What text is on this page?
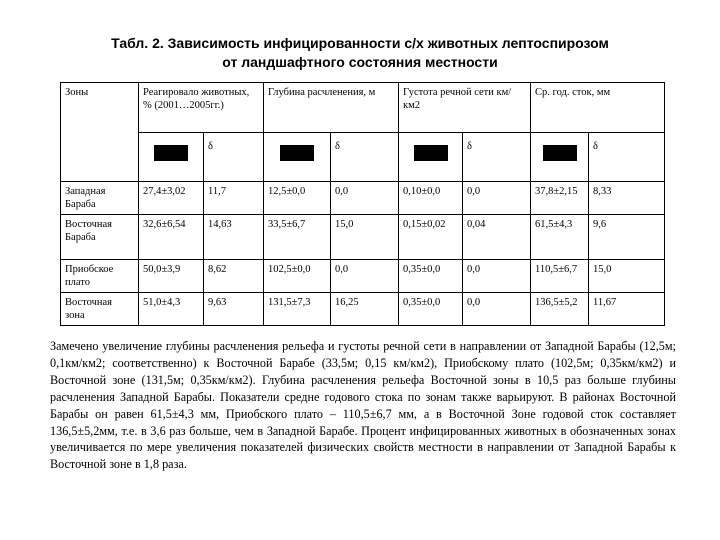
Табл. 2. Зависимость инфицированности с/х животных лептоспирозом
от ландшафтного состояния местности
Зоны	Реагировало животных, % (2001…2005гг.)		Глубина расчленения, м		Густота речной сети км/км2		Ср. год. сток, мм	

		δ		δ		δ		δ
Западная Бараба	27,4±3,02	11,7	12,5±0,0	0,0	0,10±0,0	0,0	37,8±2,15	8,33
Восточная Бараба	32,6±6,54	14,63	33,5±6,7	15,0	0,15±0,02	0,04	61,5±4,3	9,6
Приобское плато	50,0±3,9	8,62	102,5±0,0	0,0	0,35±0,0	0,0	110,5±6,7	15,0
Восточная зона	51,0±4,3	9,63	131,5±7,3	16,25	0,35±0,0	0,0	136,5±5,2	11,67
Замечено увеличение глубины расчленения рельефа и густоты речной сети в направлении от Западной Барабы (12,5м; 0,1км/км2; соответственно) к Восточной Барабе (33,5м; 0,15 км/км2), Приобскому плато (102,5м; 0,35км/км2) и Восточной зоне (131,5м; 0,35км/км2). Глубина расчленения рельефа Восточной зоны в 10,5 раз больше глубины расчленения Западной Барабы. Показатели средне годового стока по зонам также варьируют. В районах Восточной Барабы он равен 61,5±4,3 мм, Приобского плато – 110,5±6,7 мм, а в Восточной Зоне годовой сток составляет 136,5±5,2мм, т.е. в 3,6 раз больше, чем в Западной Барабе. Процент инфицированных животных в обозначенных зонах увеличивается по мере увеличения показателей физических свойств местности в направлении от Западной Барабы к Восточной зоне в 1,8 раза.
